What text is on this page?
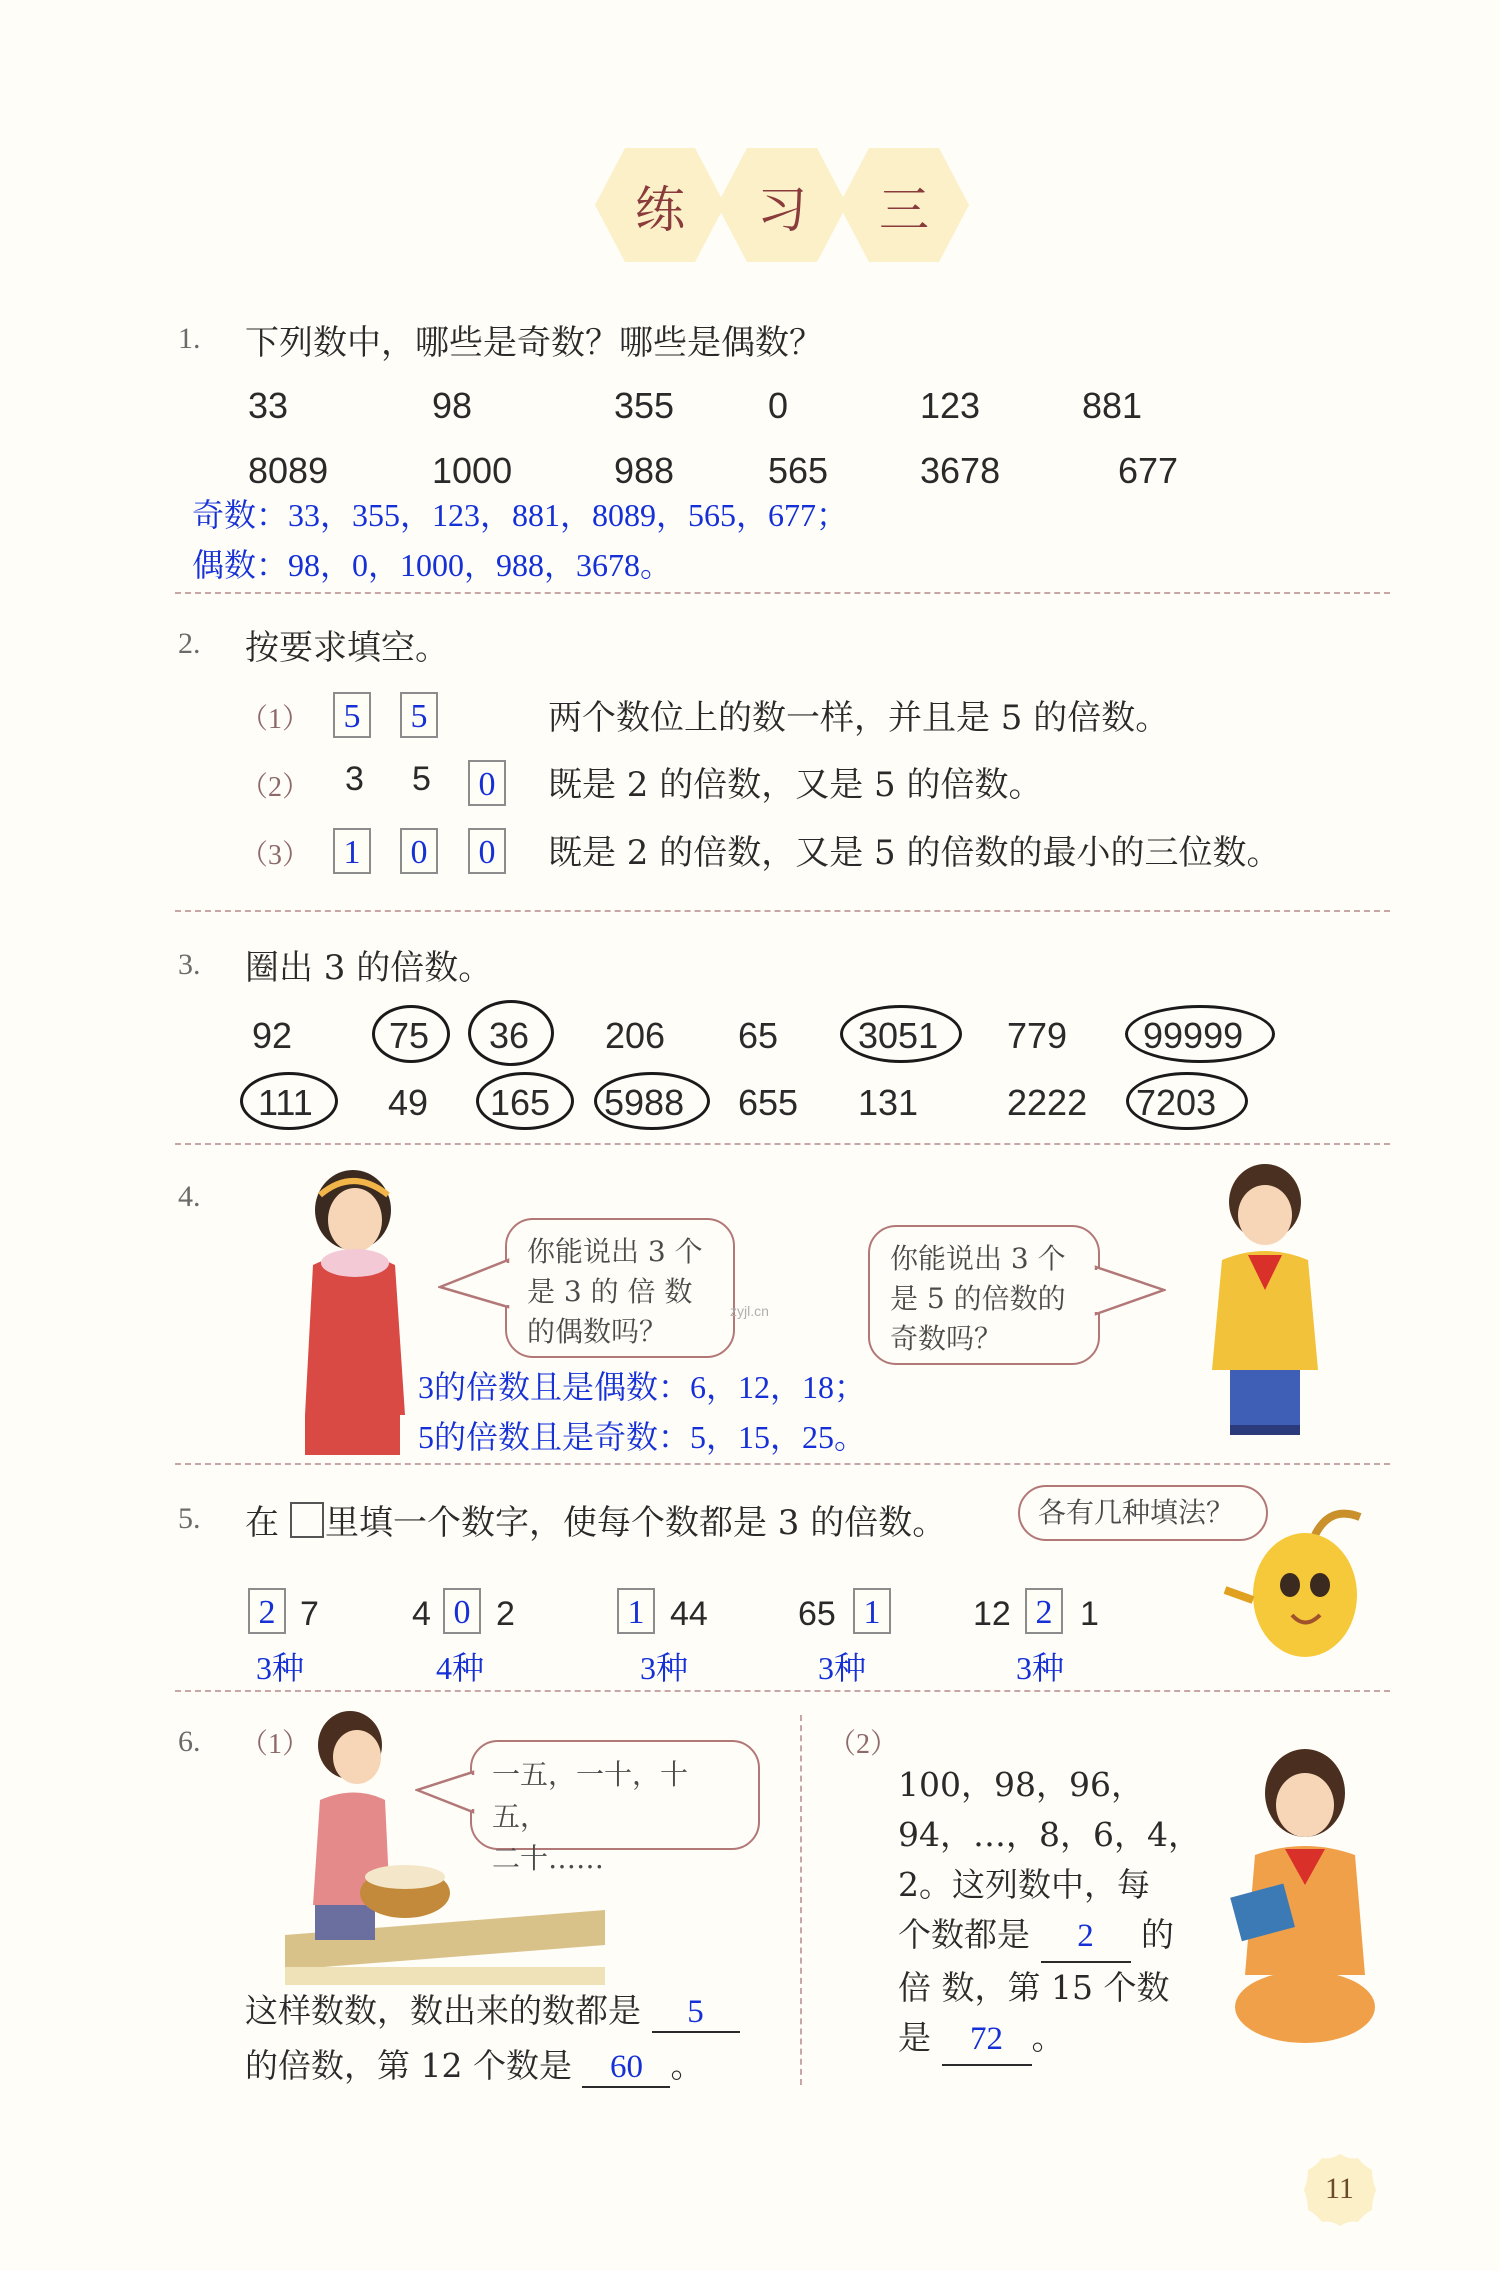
练 习 三
1. 下列数中，哪些是奇数？哪些是偶数？
33	98	355	0	123	881
8089	1000	988	565	3678	677
奇数：33，355，123，881，8089，565，677；
偶数：98，0，1000，988，3678。
2. 按要求填空。
（1） 5	5	两个数位上的数一样，并且是 5 的倍数。
（2） 3 5	0	既是 2 的倍数，又是 5 的倍数。
（3） 1	0	0	既是 2 的倍数，又是 5 的倍数的最小的三位数。
3. 圈出 3 的倍数。
92	75 36 206 65 3051 779 99999
111 49 165 5988 655 131 2222 7203
4.
你能说出 3 个
是 3 的 倍 数
的偶数吗？
zyjl.cn
你能说出 3 个
是 5 的倍数的
奇数吗？
3的倍数且是偶数：6，12，18；
5的倍数且是奇数：5，15，25。
5. 在 里填一个数字，使每个数都是 3 的倍数。	各有几种填法？
2 7
3种
4 0 2
4种
1 44
3种
65 1
3种
12 2 1
3种
6. （1）
一五，一十，十五，
二十……
这样数数，数出来的数都是 5
的倍数，第 12 个数是 60 。
（2）
100，98，96，
94，…，8，6，4，
2。这列数中，每
个数都是 2 的
倍 数，第 15 个数
是 72 。
11
